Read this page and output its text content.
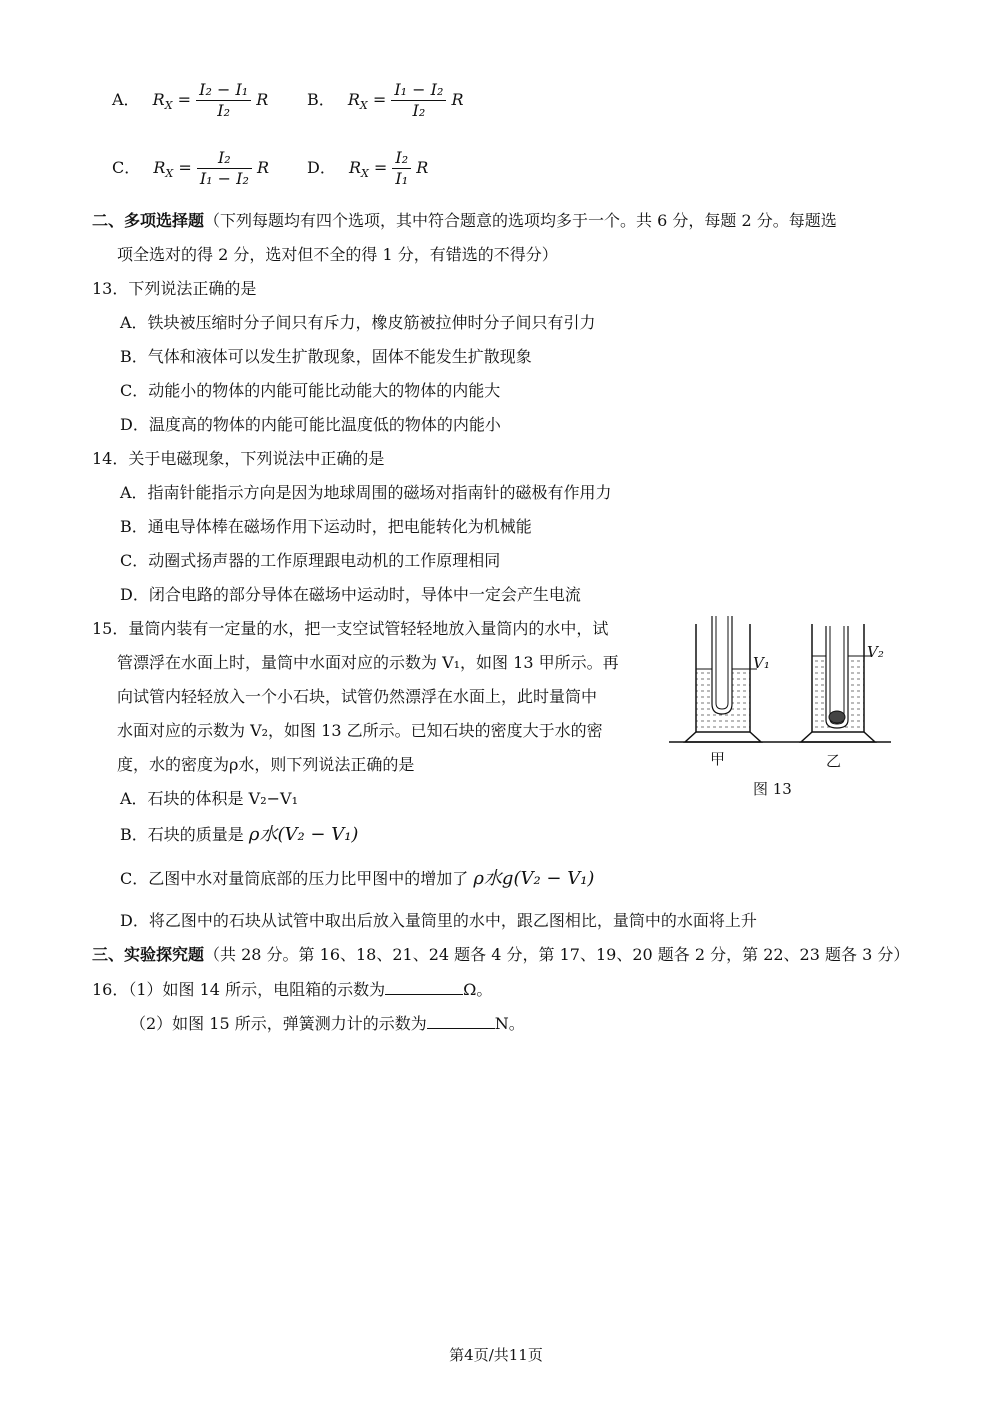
A． $R_X = \frac{\text{I₂ − I₁}}{\text{I₂}}$ R B． $R_X = \frac{\text{I₁ − I₂}}{\text{I₂}}$ R
C． $R_X = \frac{\text{I₂}}{\text{I₁ − I₂}}$ R D． $R_X = \frac{\text{I₂}}{\text{I₁}}$ R
二、多项选择题（下列每题均有四个选项，其中符合题意的选项均多于一个。共 6 分，每题 2 分。每题选
项全选对的得 2 分，选对但不全的得 1 分，有错选的不得分）
13．下列说法正确的是
A．铁块被压缩时分子间只有斥力，橡皮筋被拉伸时分子间只有引力
B．气体和液体可以发生扩散现象，固体不能发生扩散现象
C．动能小的物体的内能可能比动能大的物体的内能大
D．温度高的物体的内能可能比温度低的物体的内能小
14．关于电磁现象，下列说法中正确的是
A．指南针能指示方向是因为地球周围的磁场对指南针的磁极有作用力
B．通电导体棒在磁场作用下运动时，把电能转化为机械能
C．动圈式扬声器的工作原理跟电动机的工作原理相同
D．闭合电路的部分导体在磁场中运动时，导体中一定会产生电流
15．量筒内装有一定量的水，把一支空试管轻轻地放入量筒内的水中，试
管漂浮在水面上时，量筒中水面对应的示数为 V₁，如图 13 甲所示。再
向试管内轻轻放入一个小石块，试管仍然漂浮在水面上，此时量筒中
水面对应的示数为 V₂，如图 13 乙所示。已知石块的密度大于水的密
度，水的密度为ρ水，则下列说法正确的是
A．石块的体积是 V₂−V₁
B．石块的质量是 ρ水(V₂ − V₁)
C．乙图中水对量筒底部的压力比甲图中的增加了 ρ水g(V₂ − V₁)
D．将乙图中的石块从试管中取出后放入量筒里的水中，跟乙图相比，量筒中的水面将上升
V₁
V₂
甲	乙
图 13
三、实验探究题（共 28 分。第 16、18、21、24 题各 4 分，第 17、19、20 题各 2 分，第 22、23 题各 3 分）
16．（1）如图 14 所示，电阻箱的示数为	Ω。
（2）如图 15 所示，弹簧测力计的示数为	N。
第4页/共11页
